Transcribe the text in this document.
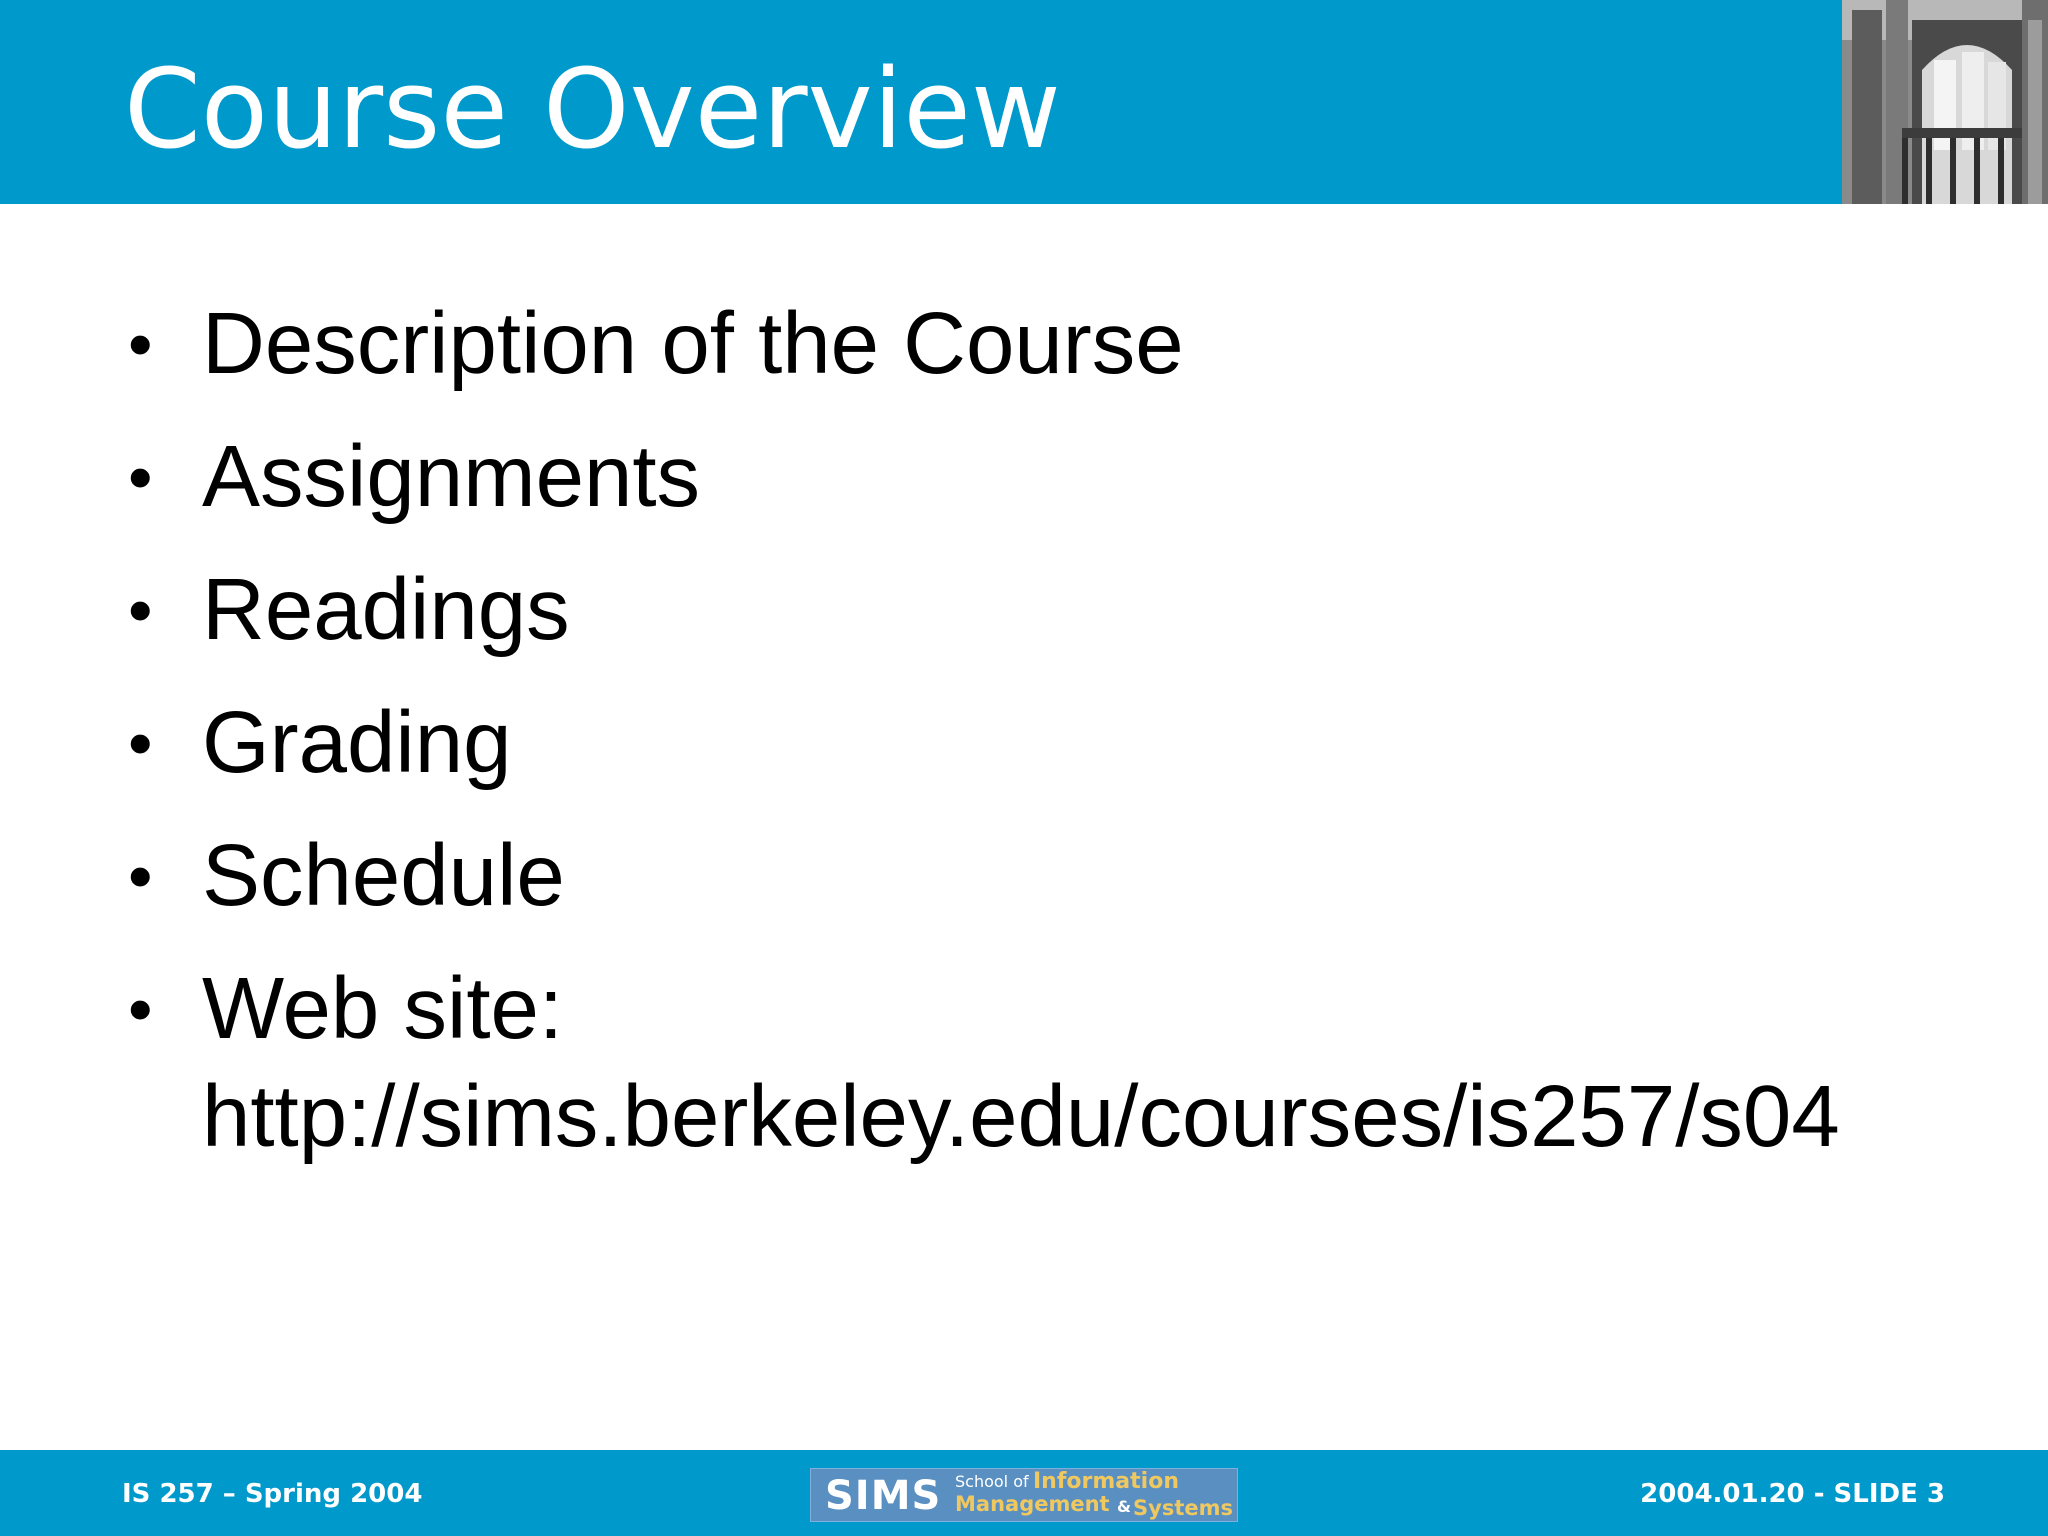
Course Overview
• Description of the Course
• Assignments
• Readings
• Grading
• Schedule
• Web site:
http://sims.berkeley.edu/courses/is257/s04
IS 257 – Spring 2004	SIMS School of Information
Management & Systems	2004.01.20 - SLIDE 3
